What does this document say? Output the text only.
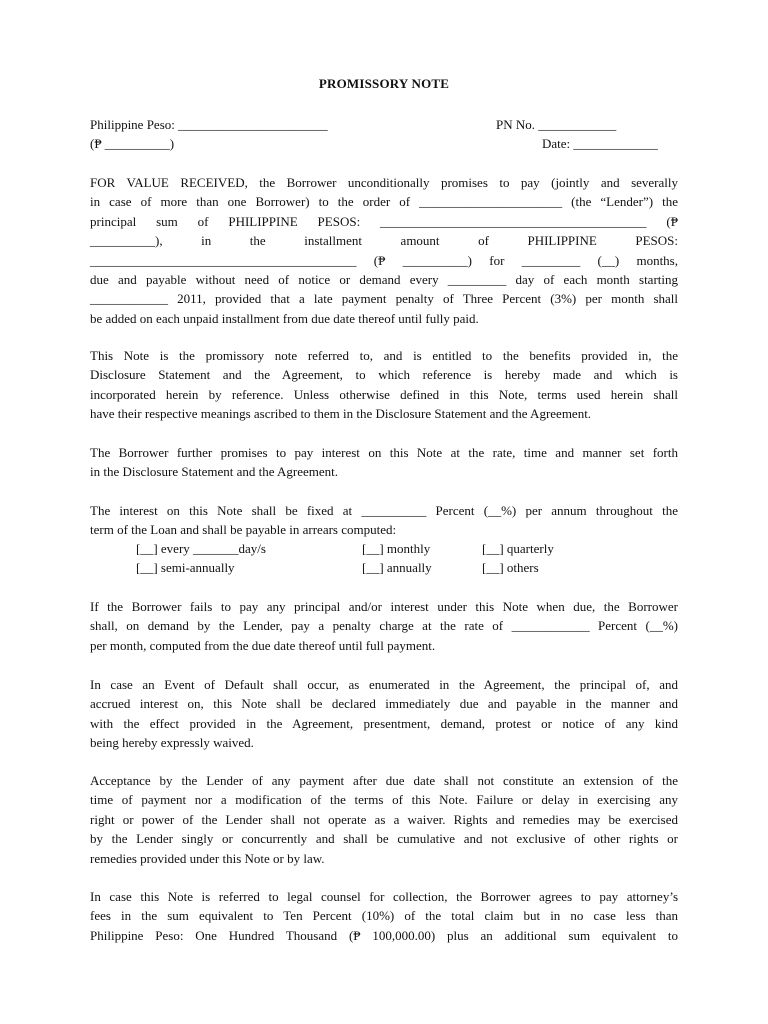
PROMISSORY NOTE
Philippine Peso: _______________________	PN No. ____________
(₱ __________)	Date: _____________
FOR VALUE RECEIVED, the Borrower unconditionally promises to pay (jointly and severally
in case of more than one Borrower) to the order of ______________________ (the “Lender”) the
principal sum of PHILIPPINE PESOS: _________________________________________ (₱
__________), in the installment amount of PHILIPPINE PESOS:
_________________________________________ (₱ __________) for _________ (__) months,
due and payable without need of notice or demand every _________ day of each month starting
____________ 2011, provided that a late payment penalty of Three Percent (3%) per month shall
be added on each unpaid installment from due date thereof until fully paid.
This Note is the promissory note referred to, and is entitled to the benefits provided in, the
Disclosure Statement and the Agreement, to which reference is hereby made and which is
incorporated herein by reference. Unless otherwise defined in this Note, terms used herein shall
have their respective meanings ascribed to them in the Disclosure Statement and the Agreement.
The Borrower further promises to pay interest on this Note at the rate, time and manner set forth
in the Disclosure Statement and the Agreement.
The interest on this Note shall be fixed at __________ Percent (__%) per annum throughout the
term of the Loan and shall be payable in arrears computed:
[__] every _______day/s	[__] monthly	[__] quarterly
[__] semi-annually	[__] annually	[__] others
If the Borrower fails to pay any principal and/or interest under this Note when due, the Borrower
shall, on demand by the Lender, pay a penalty charge at the rate of ____________ Percent (__%)
per month, computed from the due date thereof until full payment.
In case an Event of Default shall occur, as enumerated in the Agreement, the principal of, and
accrued interest on, this Note shall be declared immediately due and payable in the manner and
with the effect provided in the Agreement, presentment, demand, protest or notice of any kind
being hereby expressly waived.
Acceptance by the Lender of any payment after due date shall not constitute an extension of the
time of payment nor a modification of the terms of this Note. Failure or delay in exercising any
right or power of the Lender shall not operate as a waiver. Rights and remedies may be exercised
by the Lender singly or concurrently and shall be cumulative and not exclusive of other rights or
remedies provided under this Note or by law.
In case this Note is referred to legal counsel for collection, the Borrower agrees to pay attorney’s
fees in the sum equivalent to Ten Percent (10%) of the total claim but in no case less than
Philippine Peso: One Hundred Thousand (₱ 100,000.00) plus an additional sum equivalent to
